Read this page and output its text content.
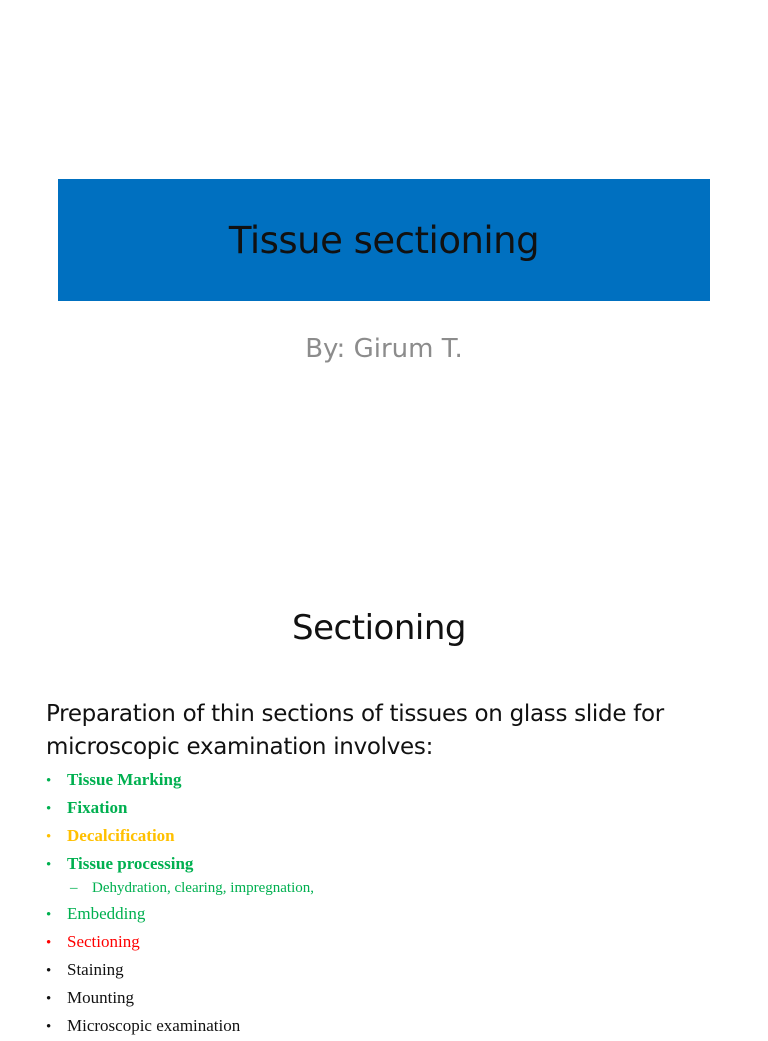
Tissue sectioning
By: Girum T.
Sectioning
Preparation of thin sections of tissues on glass slide for
microscopic examination involves:
• Tissue Marking
• Fixation
• Decalcification
• Tissue processing
– Dehydration, clearing, impregnation,
• Embedding
• Sectioning
• Staining
• Mounting
• Microscopic examination
